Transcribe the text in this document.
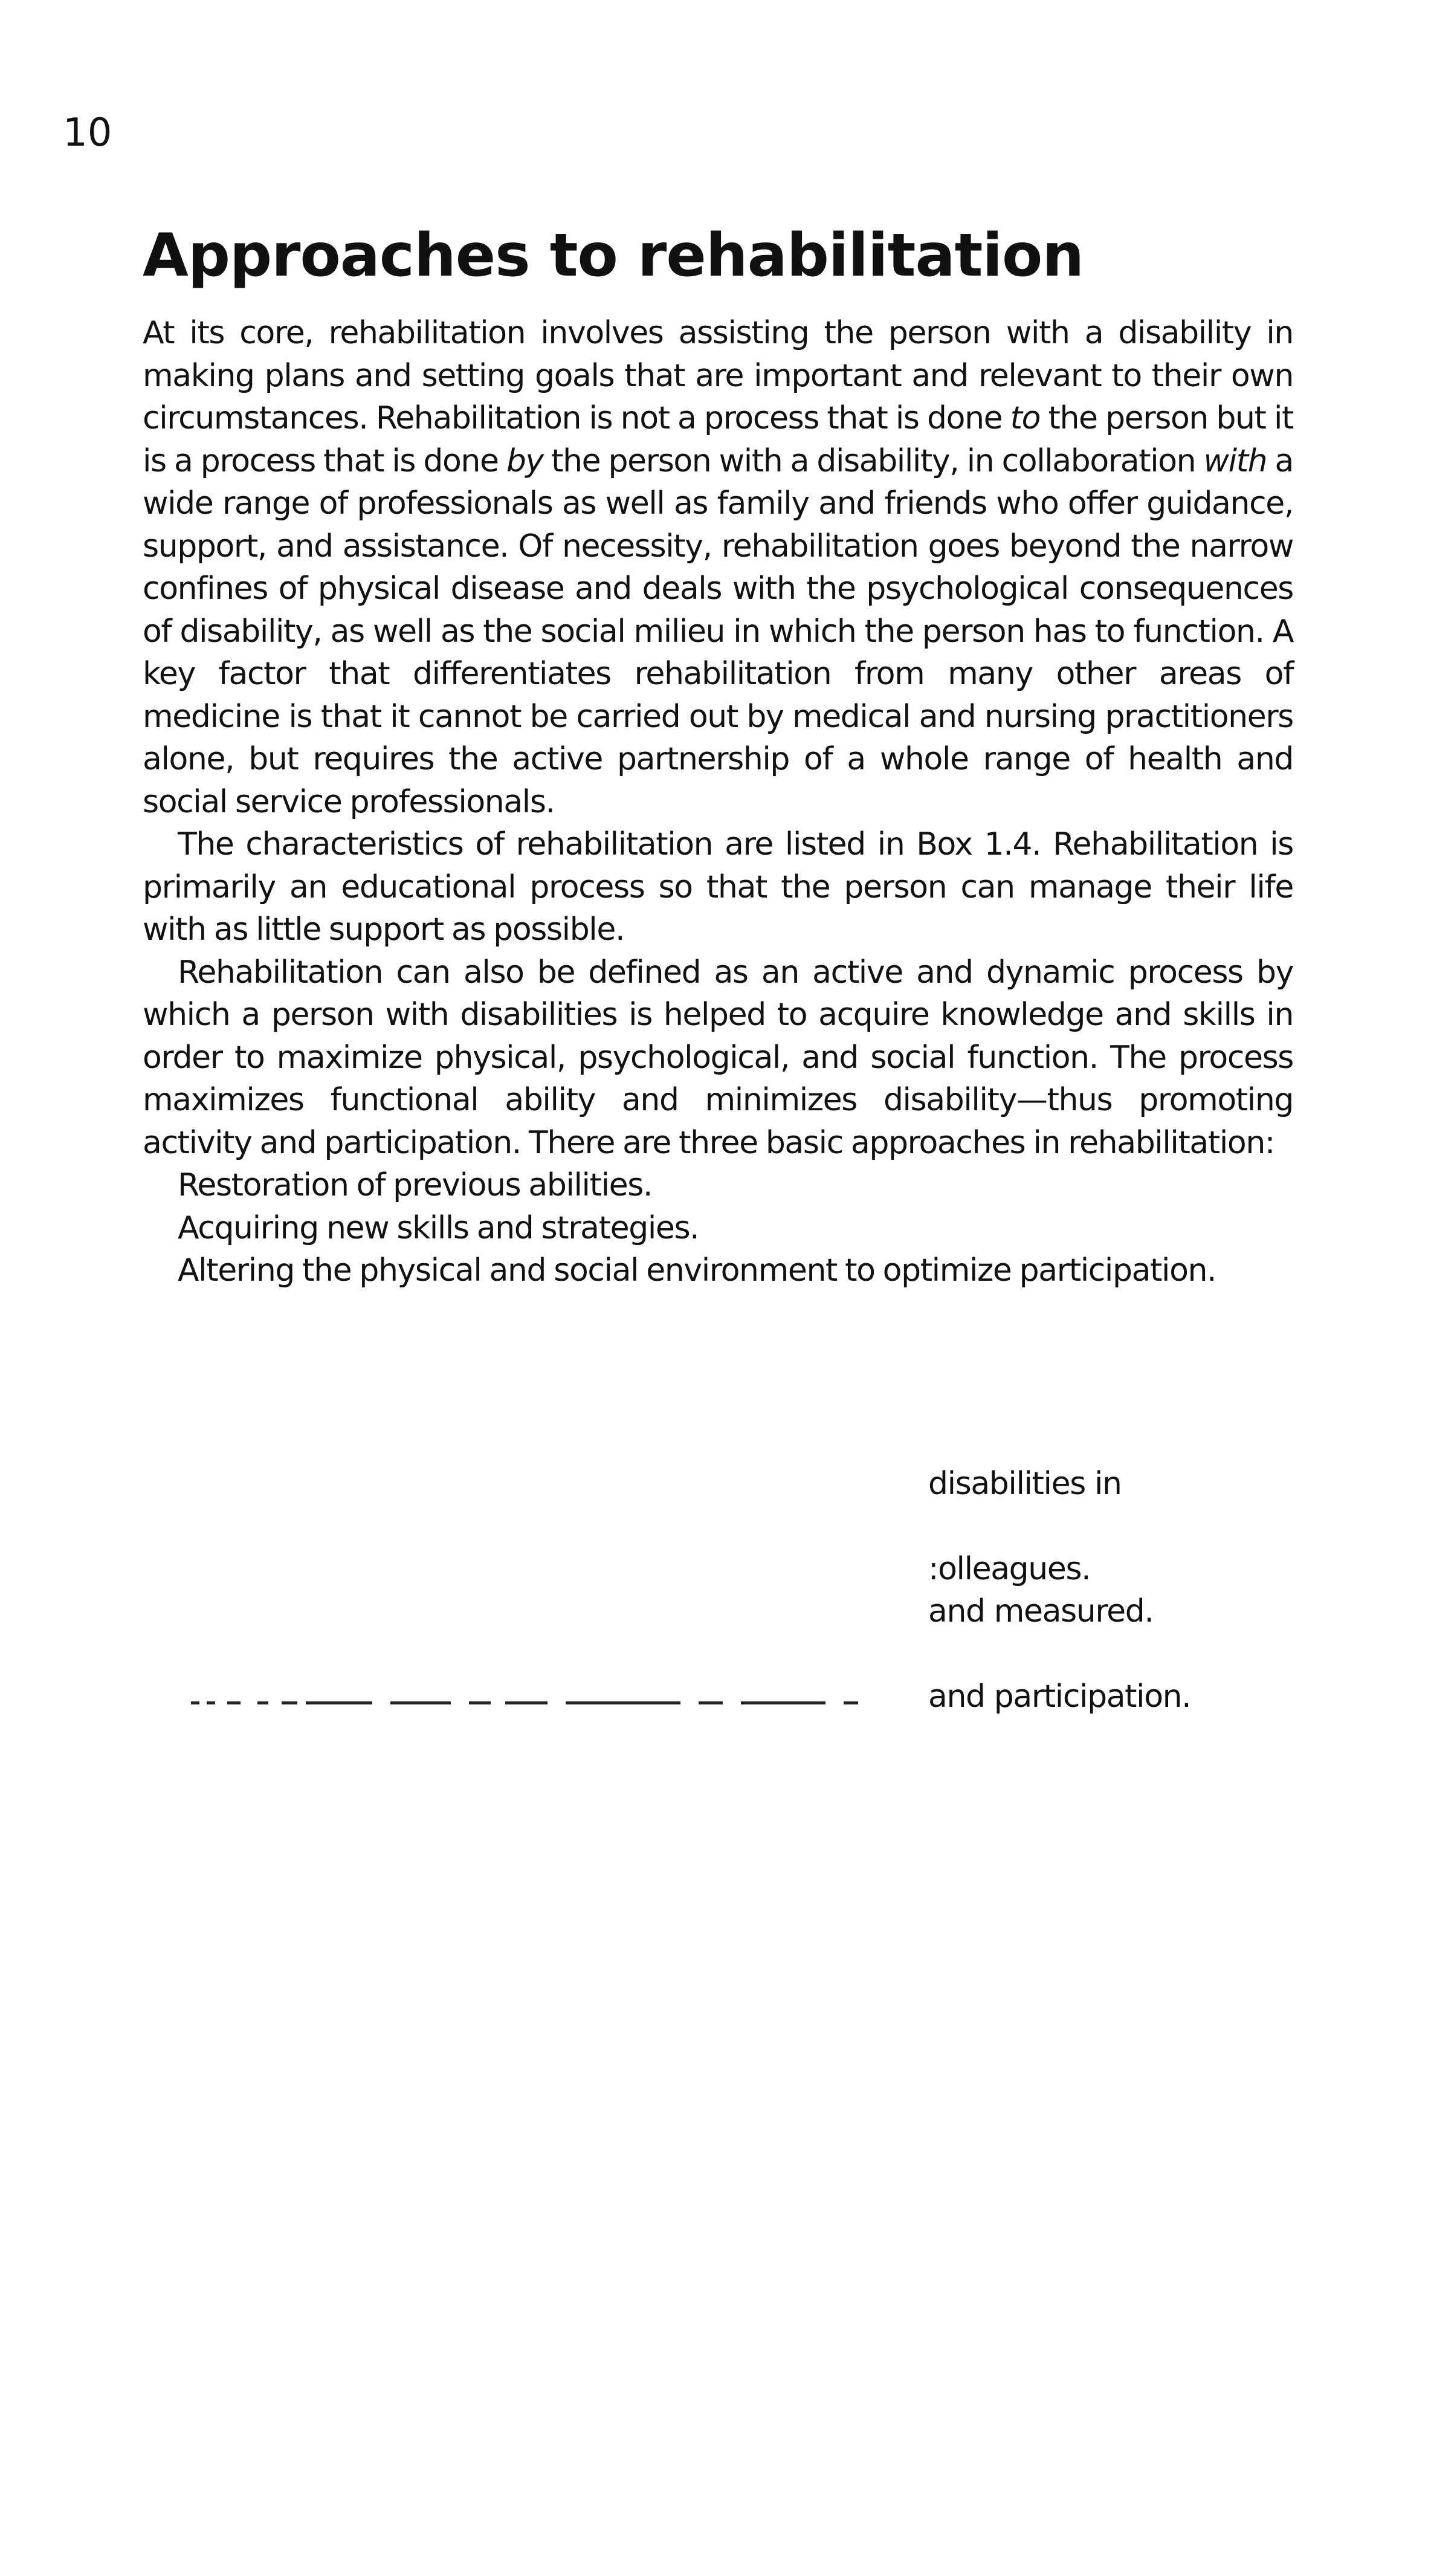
10
Approaches to rehabilitation

At its core, rehabilitation involves assisting the person with a disability in making plans and setting goals that are important and relevant to their own circumstances. Rehabilitation is not a process that is done to the person but it is a process that is done by the person with a disability, in collaboration with a wide range of professionals as well as family and friends who offer guidance, support, and assistance. Of necessity, rehabilitation goes beyond the narrow confines of physical disease and deals with the psychological consequences of disability, as well as the social milieu in which the person has to function. A key factor that differentiates rehabilitation from many other areas of medicine is that it cannot be carried out by medical and nursing practitioners alone, but requires the active partnership of a whole range of health and social service professionals.

The characteristics of rehabilitation are listed in Box 1.4. Rehabilitation is primarily an educational process so that the person can manage their life with as little support as possible.

Rehabilitation can also be defined as an active and dynamic process by which a person with disabilities is helped to acquire knowledge and skills in order to maximize physical, psychological, and social function. The process maximizes functional ability and minimizes disability—thus promoting activity and participation. There are three basic approaches in rehabilitation:

Restoration of previous abilities.
Acquiring new skills and strategies.
Altering the physical and social environment to optimize participation.
disabilities in
:olleagues.
and measured.
and participation.
